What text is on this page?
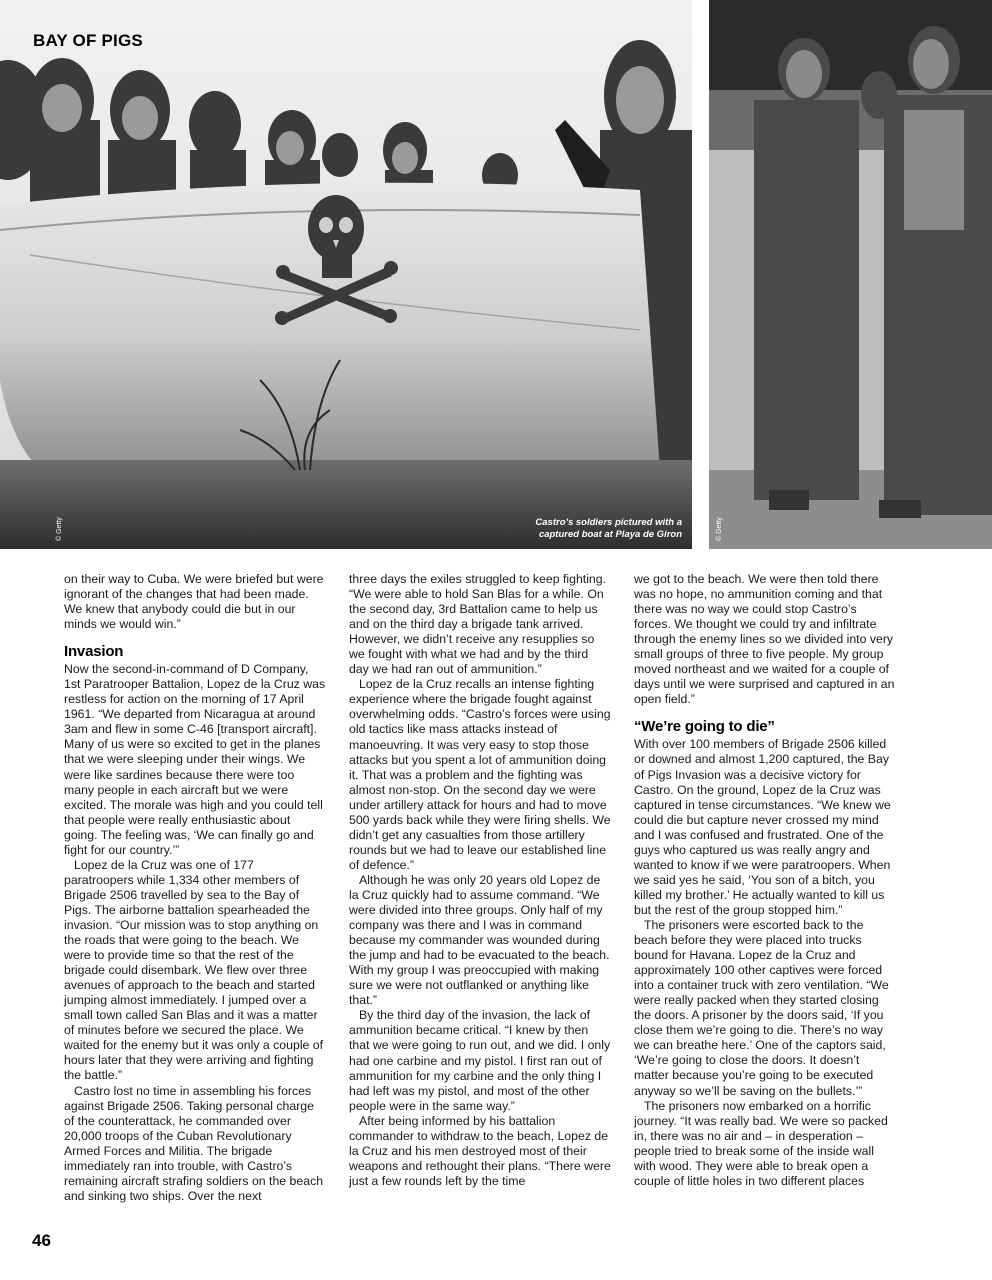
BAY OF PIGS
© Getty	Castro’s soldiers pictured with a captured boat at Playa de Giron	© Getty

on their way to Cuba. We were briefed but were ignorant of the changes that had been made. We knew that anybody could die but in our minds we would win.”

Invasion

Now the second-in-command of D Company, 1st Paratrooper Battalion, Lopez de la Cruz was restless for action on the morning of 17 April 1961. “We departed from Nicaragua at around 3am and flew in some C-46 [transport aircraft]. Many of us were so excited to get in the planes that we were sleeping under their wings. We were like sardines because there were too many people in each aircraft but we were excited. The morale was high and you could tell that people were really enthusiastic about going. The feeling was, ‘We can finally go and fight for our country.’”

Lopez de la Cruz was one of 177 paratroopers while 1,334 other members of Brigade 2506 travelled by sea to the Bay of Pigs. The airborne battalion spearheaded the invasion. “Our mission was to stop anything on the roads that were going to the beach. We were to provide time so that the rest of the brigade could disembark. We flew over three avenues of approach to the beach and started jumping almost immediately. I jumped over a small town called San Blas and it was a matter of minutes before we secured the place. We waited for the enemy but it was only a couple of hours later that they were arriving and fighting the battle.”

Castro lost no time in assembling his forces against Brigade 2506. Taking personal charge of the counterattack, he commanded over 20,000 troops of the Cuban Revolutionary Armed Forces and Militia. The brigade immediately ran into trouble, with Castro’s remaining aircraft strafing soldiers on the beach and sinking two ships. Over the next

three days the exiles struggled to keep fighting. “We were able to hold San Blas for a while. On the second day, 3rd Battalion came to help us and on the third day a brigade tank arrived. However, we didn’t receive any resupplies so we fought with what we had and by the third day we had ran out of ammunition.”

Lopez de la Cruz recalls an intense fighting experience where the brigade fought against overwhelming odds. “Castro’s forces were using old tactics like mass attacks instead of manoeuvring. It was very easy to stop those attacks but you spent a lot of ammunition doing it. That was a problem and the fighting was almost non-stop. On the second day we were under artillery attack for hours and had to move 500 yards back while they were firing shells. We didn’t get any casualties from those artillery rounds but we had to leave our established line of defence.”

Although he was only 20 years old Lopez de la Cruz quickly had to assume command. “We were divided into three groups. Only half of my company was there and I was in command because my commander was wounded during the jump and had to be evacuated to the beach. With my group I was preoccupied with making sure we were not outflanked or anything like that.”

By the third day of the invasion, the lack of ammunition became critical. “I knew by then that we were going to run out, and we did. I only had one carbine and my pistol. I first ran out of ammunition for my carbine and the only thing I had left was my pistol, and most of the other people were in the same way.”

After being informed by his battalion commander to withdraw to the beach, Lopez de la Cruz and his men destroyed most of their weapons and rethought their plans. “There were just a few rounds left by the time

we got to the beach. We were then told there was no hope, no ammunition coming and that there was no way we could stop Castro’s forces. We thought we could try and infiltrate through the enemy lines so we divided into very small groups of three to five people. My group moved northeast and we waited for a couple of days until we were surprised and captured in an open field.”

“We’re going to die”

With over 100 members of Brigade 2506 killed or downed and almost 1,200 captured, the Bay of Pigs Invasion was a decisive victory for Castro. On the ground, Lopez de la Cruz was captured in tense circumstances. “We knew we could die but capture never crossed my mind and I was confused and frustrated. One of the guys who captured us was really angry and wanted to know if we were paratroopers. When we said yes he said, ‘You son of a bitch, you killed my brother.’ He actually wanted to kill us but the rest of the group stopped him.”

The prisoners were escorted back to the beach before they were placed into trucks bound for Havana. Lopez de la Cruz and approximately 100 other captives were forced into a container truck with zero ventilation. “We were really packed when they started closing the doors. A prisoner by the doors said, ‘If you close them we’re going to die. There’s no way we can breathe here.’ One of the captors said, ‘We’re going to close the doors. It doesn’t matter because you’re going to be executed anyway so we’ll be saving on the bullets.’”

The prisoners now embarked on a horrific journey. “It was really bad. We were so packed in, there was no air and – in desperation – people tried to break some of the inside wall with wood. They were able to break open a couple of little holes in two different places

46
